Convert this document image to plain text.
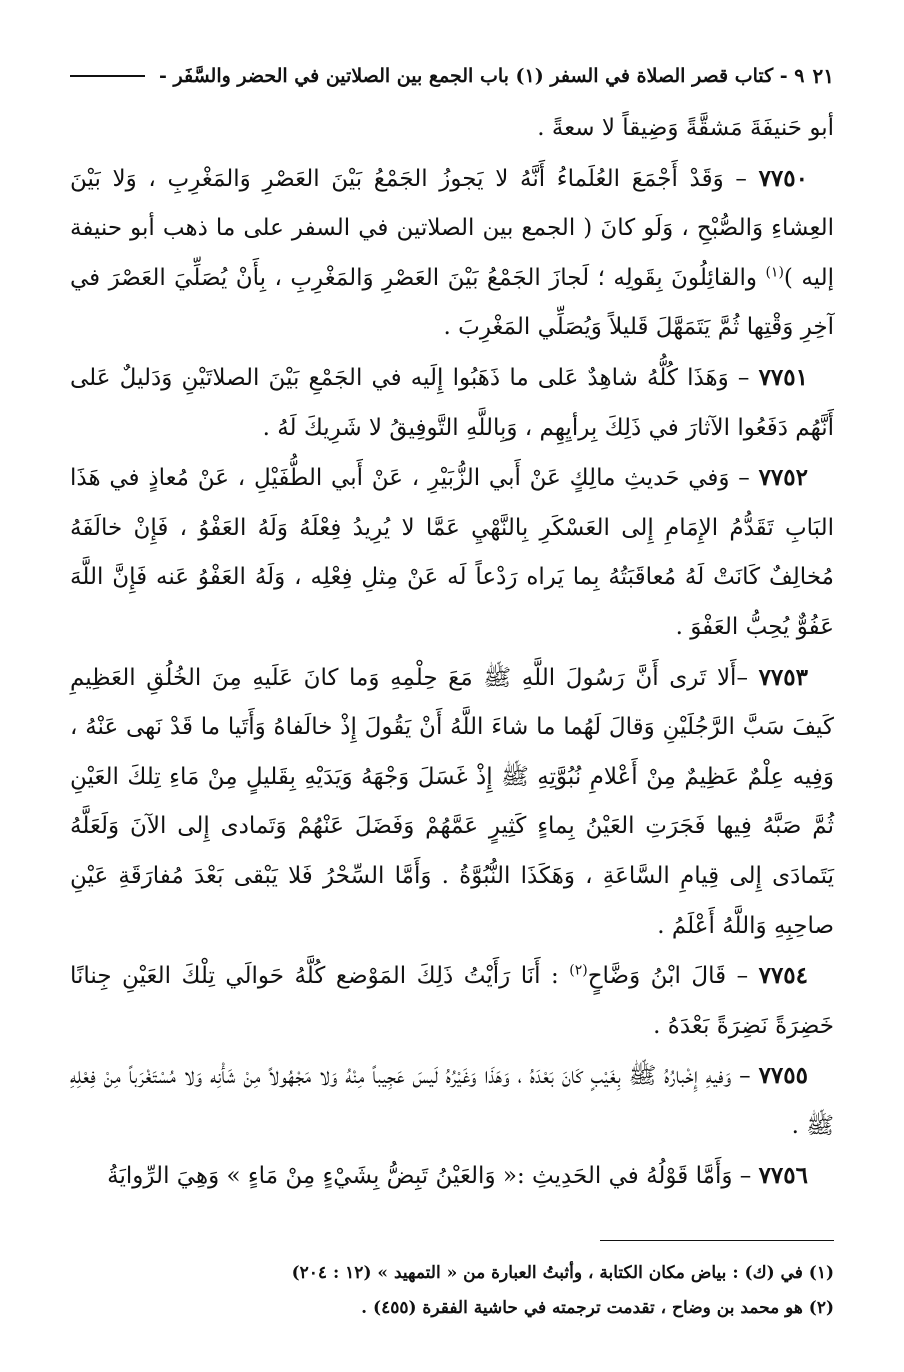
٢١
٩ - كتاب قصر الصلاة في السفر (١) باب الجمع بين الصلاتين في الحضر والسَّفَر -

أبو حَنيفَةَ مَشقَّةً وَضِيقاً لا سعةً .

٧٧٥٠ – وَقَدْ أَجْمَعَ العُلَماءُ أَنَّهُ لا يَجوزُ الجَمْعُ بَيْنَ العَصْرِ وَالمَغْرِبِ ، وَلا بَيْنَ العِشاءِ وَالصُّبْحِ ، وَلَو كانَ ( الجمع بين الصلاتين في السفر على ما ذهب أبو حنيفة إليه )$^{(١)}$ والقائِلُونَ بِقَولِه ؛ لَجازَ الجَمْعُ بَيْنَ العَصْرِ وَالمَغْرِبِ ، بِأَنْ يُصَلِّيَ العَصْرَ في آخِرِ وَقْتِها ثُمَّ يَتَمَهَّلَ قَليلاً وَيُصَلِّي المَغْرِبَ .

٧٧٥١ – وَهَذَا كُلُّهُ شاهِدٌ عَلى ما ذَهَبُوا إِلَيه في الجَمْعِ بَيْنَ الصلاتَيْنِ وَدَليلٌ عَلى أَنَّهُم دَفَعُوا الآثارَ في ذَلِكَ بِرأيِهِم ، وَبِاللَّهِ التَّوفِيقُ لا شَرِيكَ لَهُ .

٧٧٥٢ – وَفي حَديثِ مالِكٍ عَنْ أَبي الزُّبَيْرِ ، عَنْ أَبي الطُّفَيْلِ ، عَنْ مُعاذٍ في هَذَا البَابِ تَقَدُّمُ الإِمَامِ إِلى العَسْكَرِ بِالنَّهْيِ عَمَّا لا يُرِيدُ فِعْلَهُ وَلَهُ العَفْوُ ، فَإِنْ خالَفَهُ مُخالِفٌ كَانَتْ لَهُ مُعاقَبَتُهُ بِما يَراه رَدْعاً لَه عَنْ مِثلِ فِعْلِه ، وَلَهُ العَفْوُ عَنه فَإِنَّ اللَّهَ عَفُوٌّ يُحِبُّ العَفْوَ .

٧٧٥٣ –أَلا تَرى أَنَّ رَسُولَ اللَّهِ ﷺ مَعَ حِلْمِهِ وَما كانَ عَلَيهِ مِنَ الخُلُقِ العَظِيمِ كَيفَ سَبَّ الرَّجُلَيْنِ وَقالَ لَهُما ما شاءَ اللَّهُ أَنْ يَقُولَ إِذْ خالَفاهُ وَأَتَيا ما قَدْ نَهى عَنْهُ ، وَفِيه عِلْمٌ عَظِيمٌ مِنْ أَعْلامِ نُبُوَّتِهِ ﷺ إِذْ غَسَلَ وَجْهَهُ وَيَدَيْهِ بِقَليلٍ مِنْ مَاءِ تِلكَ العَيْنِ ثُمَّ صَبَّهُ فِيها فَجَرَتِ العَيْنُ بِماءٍ كَثِيرٍ عَمَّهُمْ وَفَضَلَ عَنْهُمْ وَتَمادى إِلى الآنَ وَلَعَلَّهُ يَتَمادَى إِلى قِيامِ السَّاعَةِ ، وَهَكَذَا النُّبُوَّةُ . وَأَمَّا السِّحْرُ فَلا يَبْقى بَعْدَ مُفارَقَةِ عَيْنِ صاحِبِهِ وَاللَّهُ أَعْلَمُ .

٧٧٥٤ – قَالَ ابْنُ وَضَّاحٍ$^{(٢)}$ : أَنَا رَأَيْتُ ذَلِكَ المَوْضع كُلَّهُ حَوالَي تِلْكَ العَيْنِ جِنانًا خَضِرَةً نَضِرَةً بَعْدَهُ .

٧٧٥٥ – وَفيهِ إِخْبارُهُ ﷺ بِغَيْبٍ كَانَ بَعْدَهُ ، وَهَذَا وَغَيْرُهُ لَيسَ عَجِيباً مِنْهُ وَلا مَجْهُولاً مِنْ شَأْنِه وَلا مُسْتَغْرَباً مِنْ فِعْلِهِ ﷺ .

٧٧٥٦ – وَأَمَّا قَوْلُهُ في الحَدِيثِ :« وَالعَيْنُ تَبِضُّ بِشَيْءٍ مِنْ مَاءٍ » وَهِيَ الرِّوايَةُ

(١) في (ك) : بياض مكان الكتابة ، وأثبتُ العبارة من « التمهيد » (١٢ : ٢٠٤)

(٢) هو محمد بن وضاح ، تقدمت ترجمته في حاشية الفقرة (٤٥٥) .
